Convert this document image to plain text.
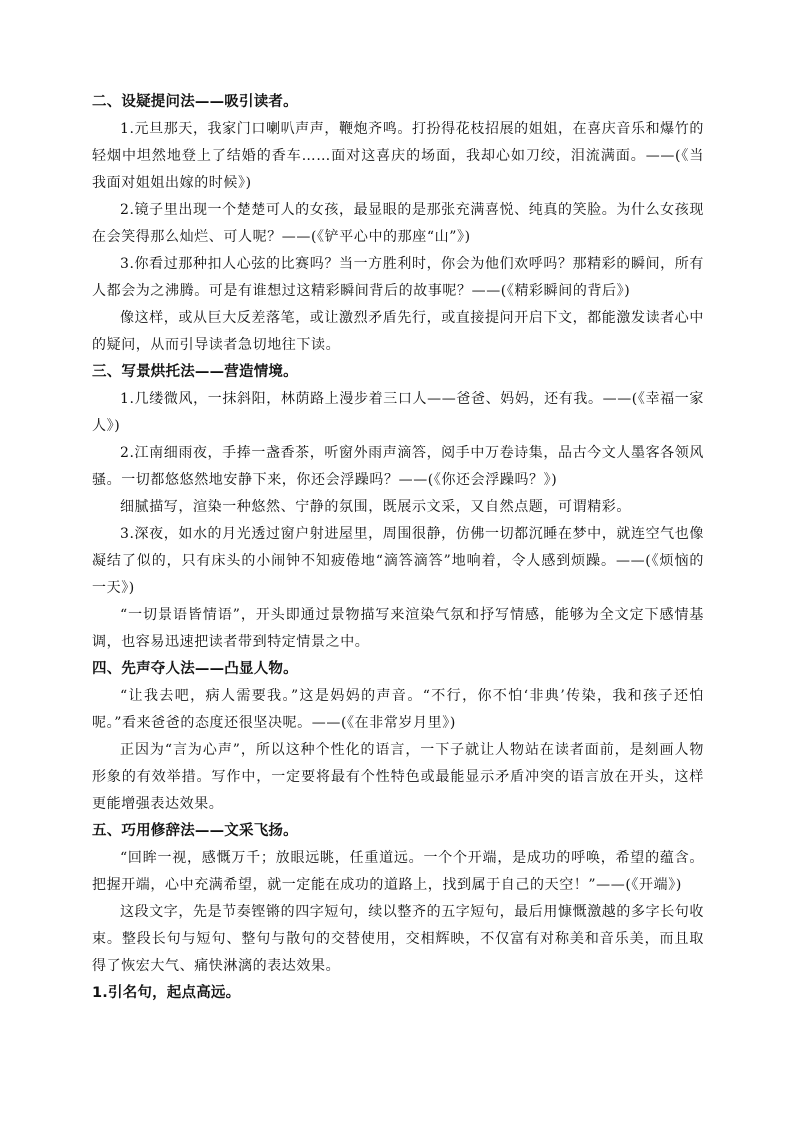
二、设疑提问法——吸引读者。

1.元旦那天，我家门口喇叭声声，鞭炮齐鸣。打扮得花枝招展的姐姐，在喜庆音乐和爆竹的轻烟中坦然地登上了结婚的香车……面对这喜庆的场面，我却心如刀绞，泪流满面。——(《当我面对姐姐出嫁的时候》)

2.镜子里出现一个楚楚可人的女孩，最显眼的是那张充满喜悦、纯真的笑脸。为什么女孩现在会笑得那么灿烂、可人呢？——(《铲平心中的那座“山”》)

3.你看过那种扣人心弦的比赛吗？当一方胜利时，你会为他们欢呼吗？那精彩的瞬间，所有人都会为之沸腾。可是有谁想过这精彩瞬间背后的故事呢？——(《精彩瞬间的背后》)

像这样，或从巨大反差落笔，或让激烈矛盾先行，或直接提问开启下文，都能激发读者心中的疑问，从而引导读者急切地往下读。

三、写景烘托法——营造情境。

1.几缕微风，一抹斜阳，林荫路上漫步着三口人——爸爸、妈妈，还有我。——(《幸福一家人》)

2.江南细雨夜，手捧一盏香茶，听窗外雨声滴答，阅手中万卷诗集，品古今文人墨客各领风骚。一切都悠悠然地安静下来，你还会浮躁吗？——(《你还会浮躁吗？》)

细腻描写，渲染一种悠然、宁静的氛围，既展示文采，又自然点题，可谓精彩。

3.深夜，如水的月光透过窗户射进屋里，周围很静，仿佛一切都沉睡在梦中，就连空气也像凝结了似的，只有床头的小闹钟不知疲倦地“滴答滴答”地响着，令人感到烦躁。——(《烦恼的一天》)

“一切景语皆情语”，开头即通过景物描写来渲染气氛和抒写情感，能够为全文定下感情基调，也容易迅速把读者带到特定情景之中。

四、先声夺人法——凸显人物。

“让我去吧，病人需要我。”这是妈妈的声音。“不行，你不怕‘非典’传染，我和孩子还怕呢。”看来爸爸的态度还很坚决呢。——(《在非常岁月里》)

正因为“言为心声”，所以这种个性化的语言，一下子就让人物站在读者面前，是刻画人物形象的有效举措。写作中，一定要将最有个性特色或最能显示矛盾冲突的语言放在开头，这样更能增强表达效果。

五、巧用修辞法——文采飞扬。

“回眸一视，感慨万千；放眼远眺，任重道远。一个个开端，是成功的呼唤，希望的蕴含。把握开端，心中充满希望，就一定能在成功的道路上，找到属于自己的天空！”——(《开端》)

这段文字，先是节奏铿锵的四字短句，续以整齐的五字短句，最后用慷慨激越的多字长句收束。整段长句与短句、整句与散句的交替使用，交相辉映，不仅富有对称美和音乐美，而且取得了恢宏大气、痛快淋漓的表达效果。

1.引名句，起点高远。
